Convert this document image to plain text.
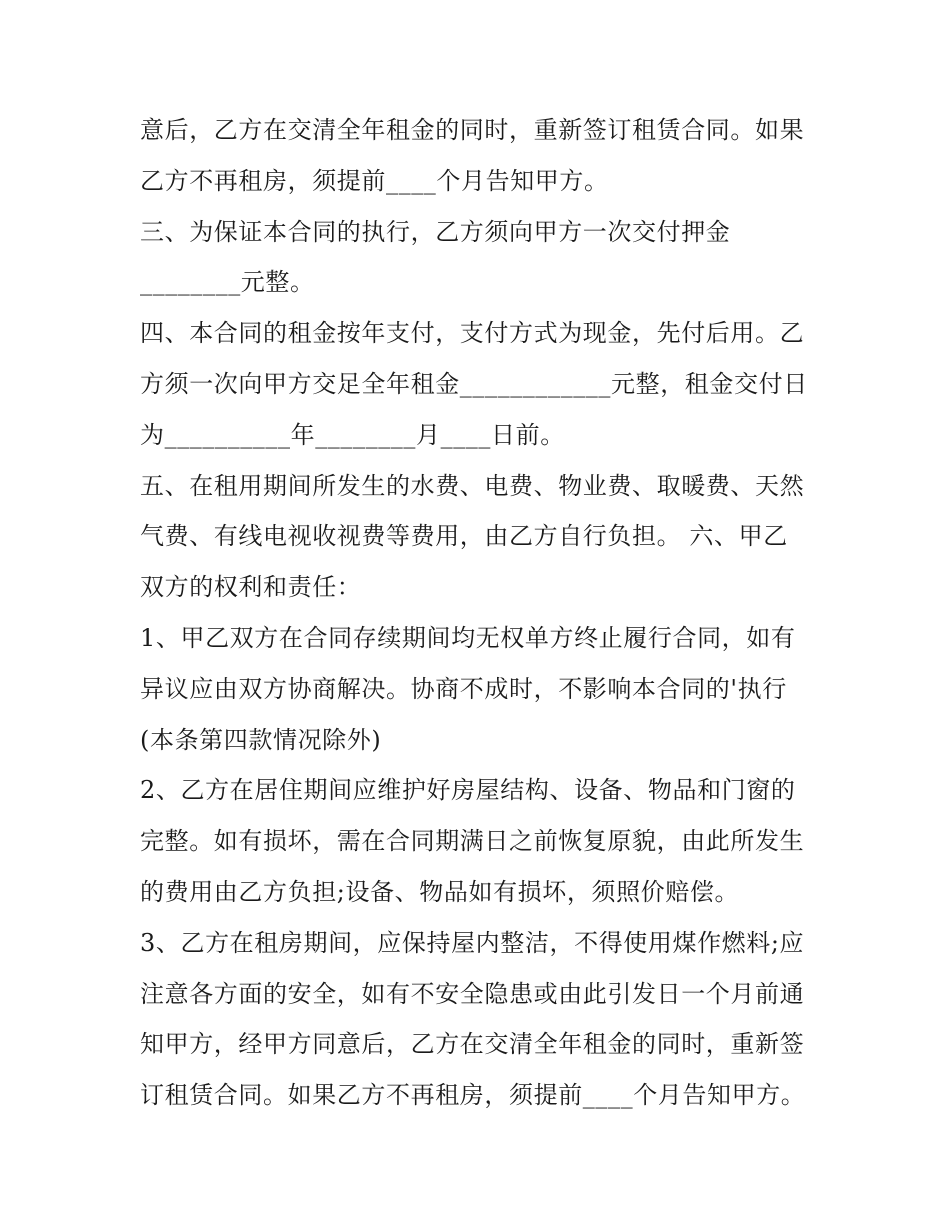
意后，乙方在交清全年租金的同时，重新签订租赁合同。如果
乙方不再租房，须提前____个月告知甲方。
三、为保证本合同的执行，乙方须向甲方一次交付押金
________元整。
四、本合同的租金按年支付，支付方式为现金，先付后用。乙
方须一次向甲方交足全年租金____________元整，租金交付日
为__________年________月____日前。
五、在租用期间所发生的水费、电费、物业费、取暖费、天然
气费、有线电视收视费等费用，由乙方自行负担。 六、甲乙
双方的权利和责任：
1、甲乙双方在合同存续期间均无权单方终止履行合同，如有
异议应由双方协商解决。协商不成时，不影响本合同的'执行
(本条第四款情况除外)
2、乙方在居住期间应维护好房屋结构、设备、物品和门窗的
完整。如有损坏，需在合同期满日之前恢复原貌，由此所发生
的费用由乙方负担;设备、物品如有损坏，须照价赔偿。
3、乙方在租房期间，应保持屋内整洁，不得使用煤作燃料;应
注意各方面的安全，如有不安全隐患或由此引发日一个月前通
知甲方，经甲方同意后，乙方在交清全年租金的同时，重新签
订租赁合同。如果乙方不再租房，须提前____个月告知甲方。
